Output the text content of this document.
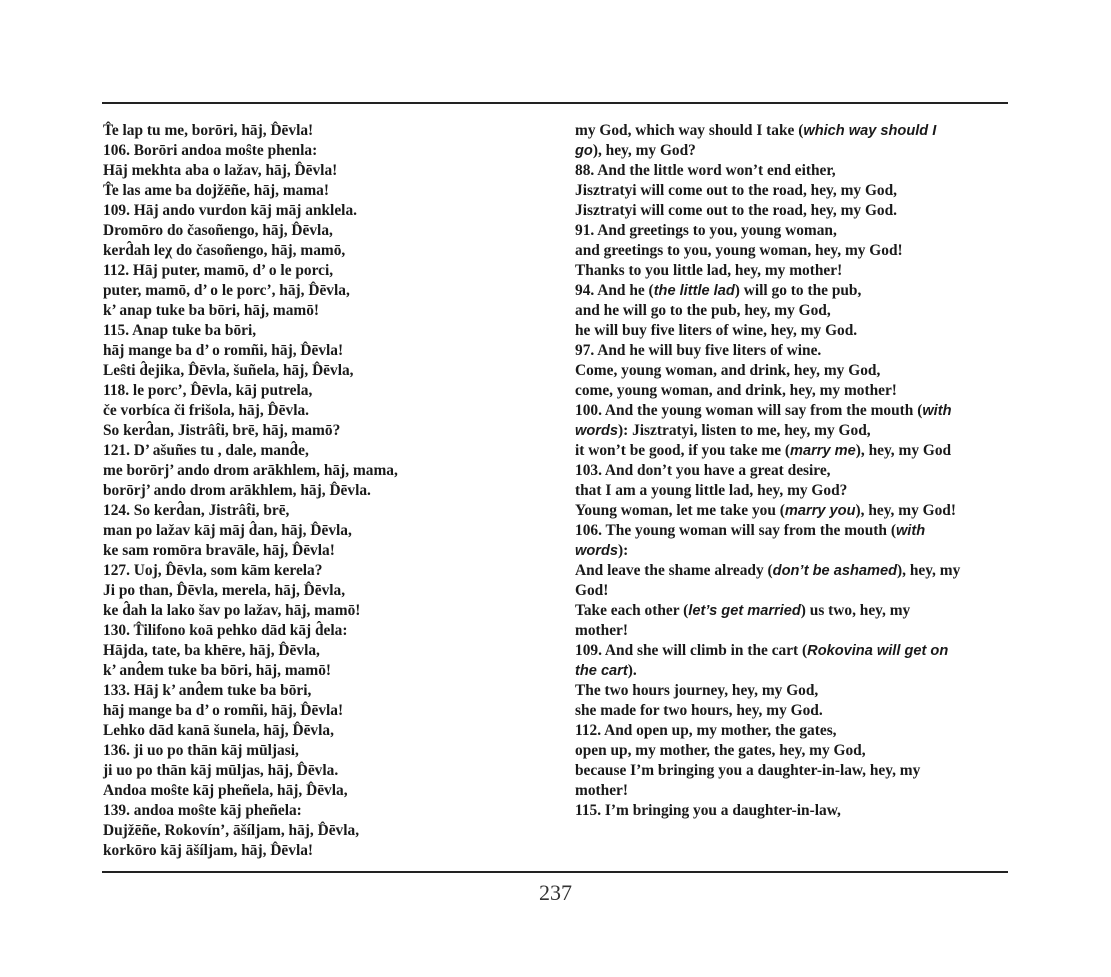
T̂e lap tu me, borōri, hāj, D̂ēvla!
106. Borōri andoa mos̑te phenla:
Hāj mekhta aba o lažav, hāj, D̂ēvla!
T̂e las ame ba dojžēñe, hāj, mama!
109. Hāj ando vurdon kāj māj anklela.
Dromōro do časoñengo, hāj, D̂ēvla,
kerd̂ah leχ do časoñengo, hāj, mamō,
112. Hāj puter, mamō, d’ o le porci,
puter, mamō, d’ o le porc’, hāj, D̂ēvla,
k’ anap tuke ba bōri, hāj, mamō!
115. Anap tuke ba bōri,
hāj mange ba d’ o romñi, hāj, D̂ēvla!
Les̑ti d̂ejika, D̂ēvla, šuñela, hāj, D̂ēvla,
118. le porc’, D̂ēvla, kāj putrela,
če vorbíca či frišola, hāj, D̂ēvla.
So kerd̂an, Jistrât̂i, brē, hāj, mamō?
121. D’ ašuñes tu , dale, mand̂e,
me borōrj’ ando drom arākhlem, hāj, mama,
borōrj’ ando drom arākhlem, hāj, D̂ēvla.
124. So kerd̂an, Jistrât̂i, brē,
man po lažav kāj māj d̂an, hāj, D̂ēvla,
ke sam romōra bravāle, hāj, D̂ēvla!
127. Uoj, D̂ēvla, som kām kerela?
Ji po than, D̂ēvla, merela, hāj, D̂ēvla,
ke d̂ah la lako šav po lažav, hāj, mamō!
130. T̂ilifono koā pehko dād kāj d̂ela:
Hājda, tate, ba khēre, hāj, D̂ēvla,
k’ and̂em tuke ba bōri, hāj, mamō!
133. Hāj k’ and̂em tuke ba bōri,
hāj mange ba d’ o romñi, hāj, D̂ēvla!
Lehko dād kanā šunela, hāj, D̂ēvla,
136. ji uo po thān kāj mūljasi,
ji uo po thān kāj mūljas, hāj, D̂ēvla.
Andoa mos̑te kāj pheñela, hāj, D̂ēvla,
139. andoa mos̑te kāj pheñela:
Dujžēñe, Rokovín’, āšíljam, hāj, D̂ēvla,
korkōro kāj āšíljam, hāj, D̂ēvla!
my God, which way should I take (which way should I go), hey, my God?
88. And the little word won’t end either,
Jisztratyi will come out to the road, hey, my God,
Jisztratyi will come out to the road, hey, my God.
91. And greetings to you, young woman,
and greetings to you, young woman, hey, my God!
Thanks to you little lad, hey, my mother!
94. And he (the little lad) will go to the pub,
and he will go to the pub, hey, my God,
he will buy five liters of wine, hey, my God.
97. And he will buy five liters of wine.
Come, young woman, and drink, hey, my God,
come, young woman, and drink, hey, my mother!
100. And the young woman will say from the mouth (with words): Jisztratyi, listen to me, hey, my God,
it won’t be good, if you take me (marry me), hey, my God
103. And don’t you have a great desire,
that I am a young little lad, hey, my God?
Young woman, let me take you (marry you), hey, my God!
106. The young woman will say from the mouth (with words):
And leave the shame already (don’t be ashamed), hey, my God!
Take each other (let’s get married) us two, hey, my mother!
109. And she will climb in the cart (Rokovina will get on the cart).
The two hours journey, hey, my God,
she made for two hours, hey, my God.
112. And open up, my mother, the gates,
open up, my mother, the gates, hey, my God,
because I’m bringing you a daughter-in-law, hey, my mother!
115. I’m bringing you a daughter-in-law,
237
